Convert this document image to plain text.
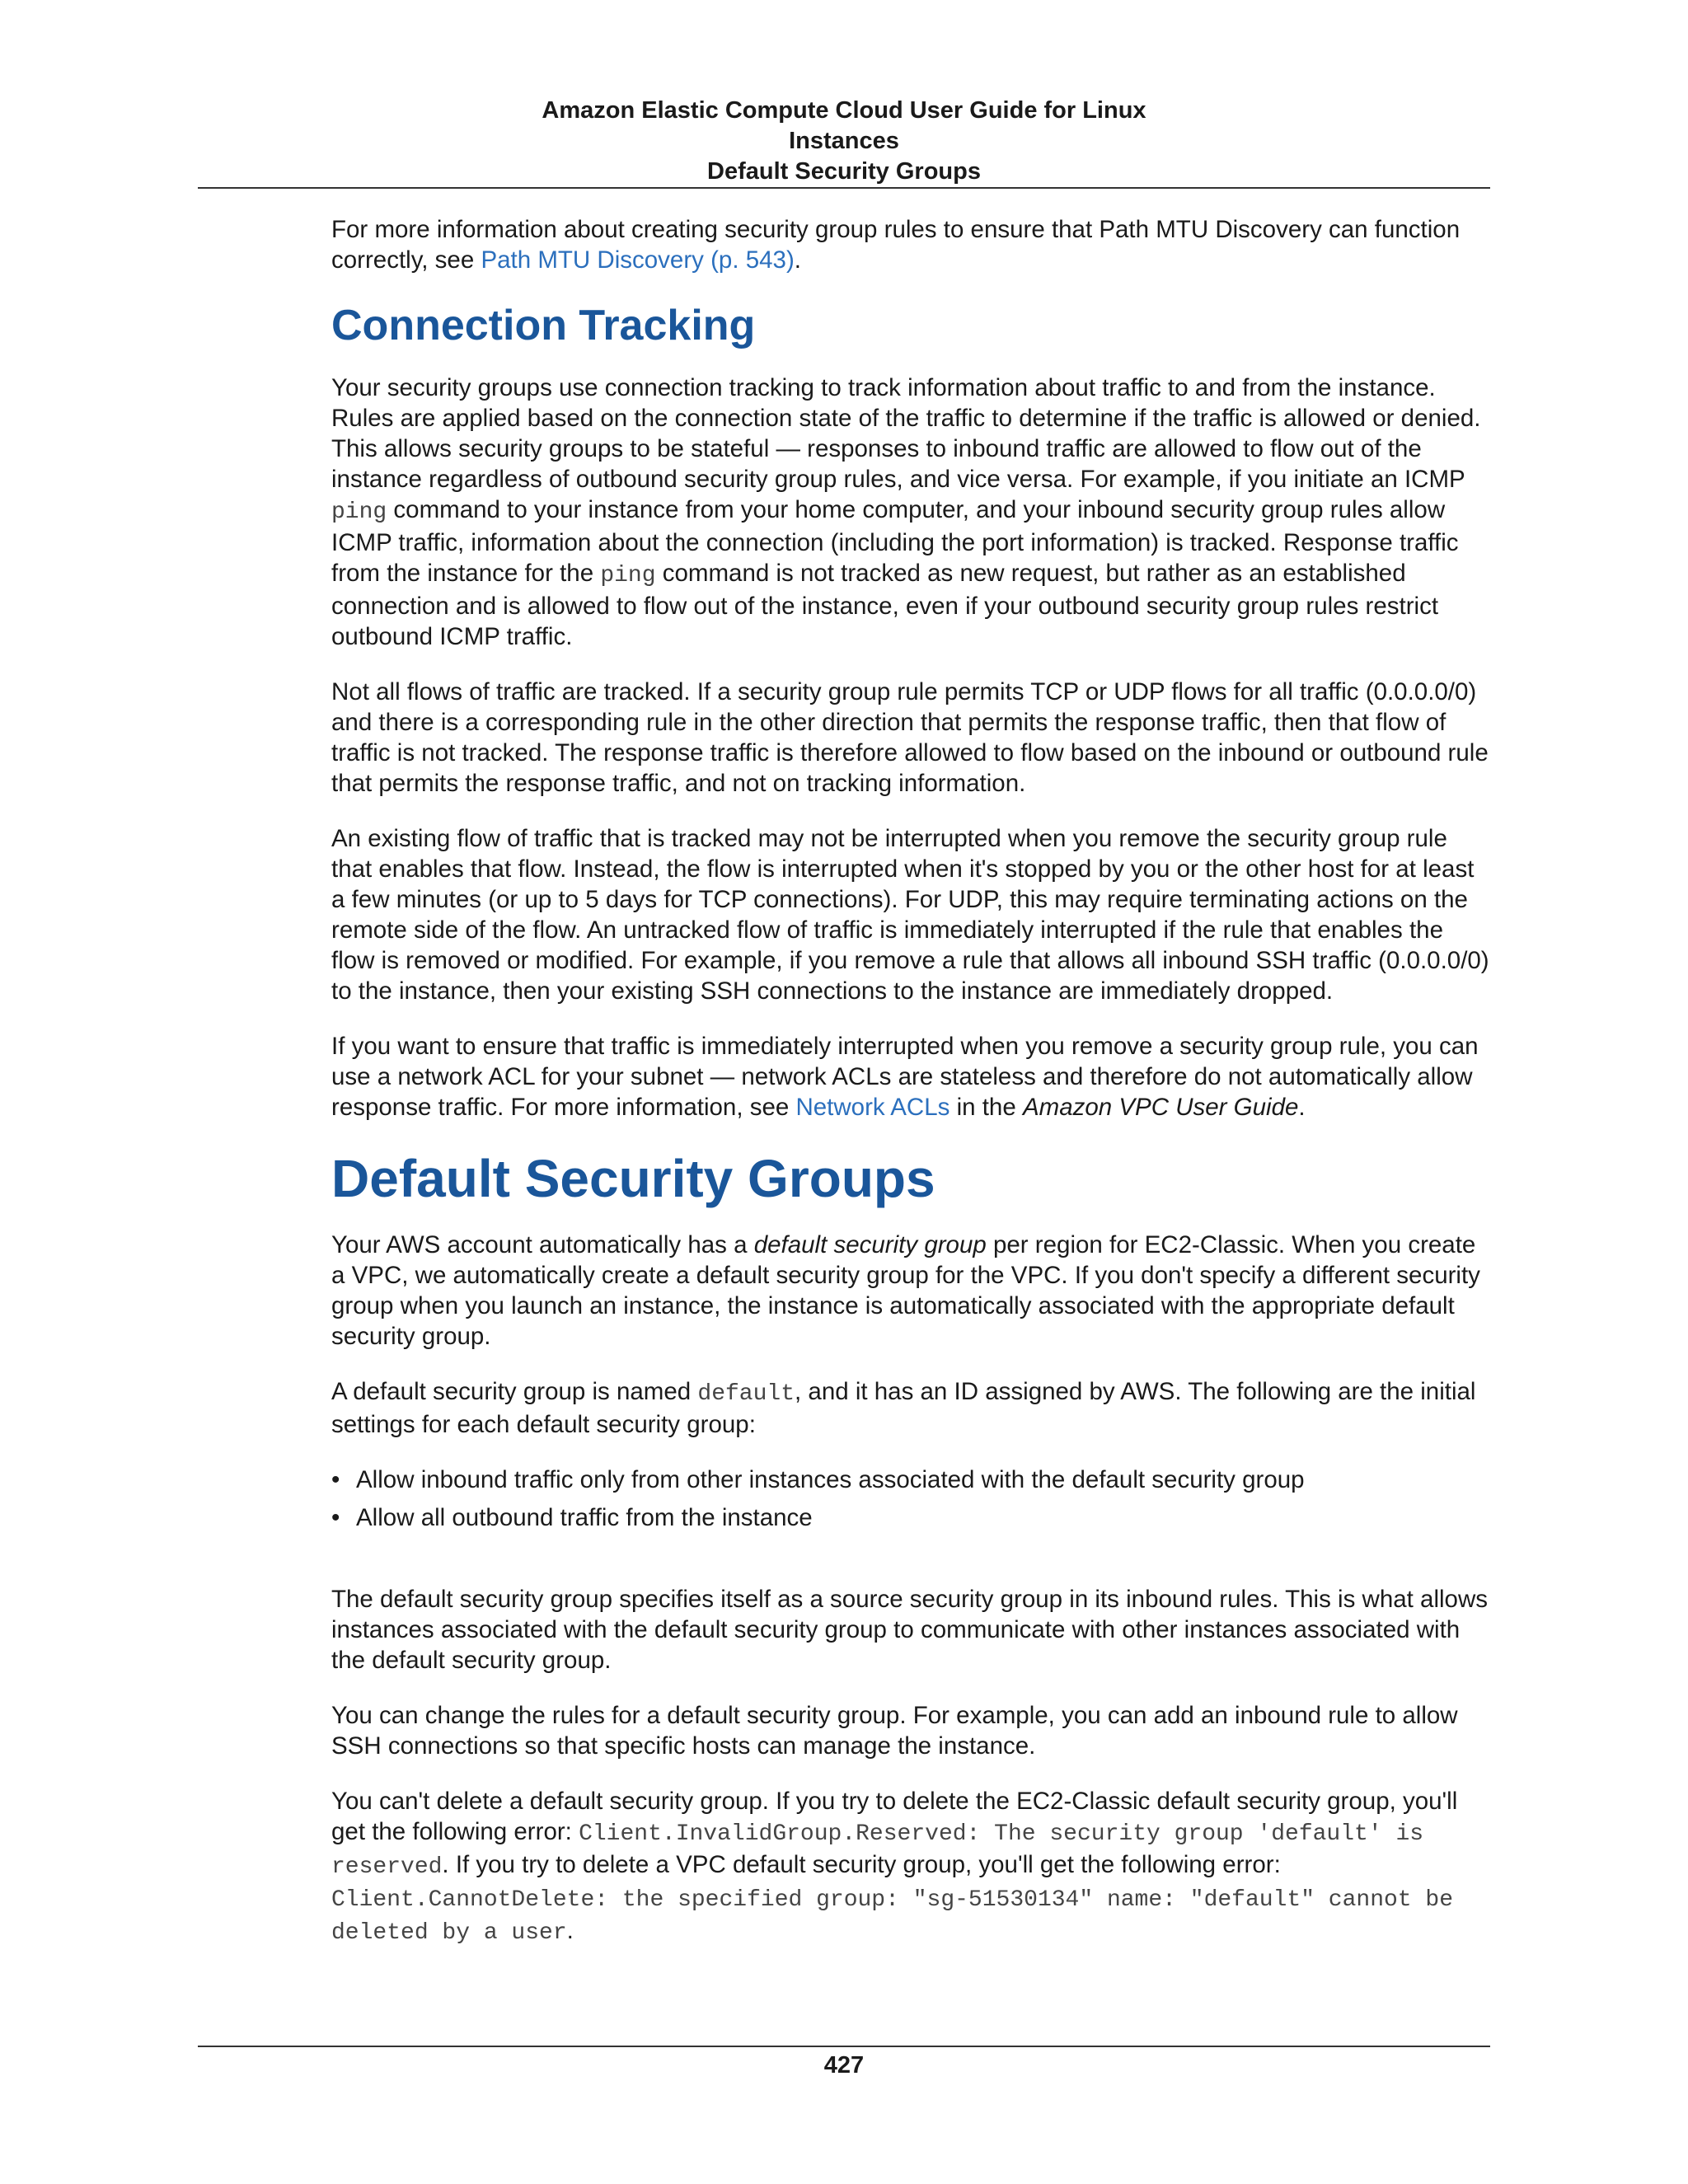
Amazon Elastic Compute Cloud User Guide for Linux
Instances
Default Security Groups

For more information about creating security group rules to ensure that Path MTU Discovery can function correctly, see Path MTU Discovery (p. 543).

Connection Tracking

Your security groups use connection tracking to track information about traffic to and from the instance. Rules are applied based on the connection state of the traffic to determine if the traffic is allowed or denied. This allows security groups to be stateful — responses to inbound traffic are allowed to flow out of the instance regardless of outbound security group rules, and vice versa. For example, if you initiate an ICMP ping command to your instance from your home computer, and your inbound security group rules allow ICMP traffic, information about the connection (including the port information) is tracked. Response traffic from the instance for the ping command is not tracked as new request, but rather as an established connection and is allowed to flow out of the instance, even if your outbound security group rules restrict outbound ICMP traffic.

Not all flows of traffic are tracked. If a security group rule permits TCP or UDP flows for all traffic (0.0.0.0/0) and there is a corresponding rule in the other direction that permits the response traffic, then that flow of traffic is not tracked. The response traffic is therefore allowed to flow based on the inbound or outbound rule that permits the response traffic, and not on tracking information.

An existing flow of traffic that is tracked may not be interrupted when you remove the security group rule that enables that flow. Instead, the flow is interrupted when it's stopped by you or the other host for at least a few minutes (or up to 5 days for TCP connections). For UDP, this may require terminating actions on the remote side of the flow. An untracked flow of traffic is immediately interrupted if the rule that enables the flow is removed or modified. For example, if you remove a rule that allows all inbound SSH traffic (0.0.0.0/0) to the instance, then your existing SSH connections to the instance are immediately dropped.

If you want to ensure that traffic is immediately interrupted when you remove a security group rule, you can use a network ACL for your subnet — network ACLs are stateless and therefore do not automatically allow response traffic. For more information, see Network ACLs in the Amazon VPC User Guide.

Default Security Groups

Your AWS account automatically has a default security group per region for EC2-Classic. When you create a VPC, we automatically create a default security group for the VPC. If you don't specify a different security group when you launch an instance, the instance is automatically associated with the appropriate default security group.

A default security group is named default, and it has an ID assigned by AWS. The following are the initial settings for each default security group:

• Allow inbound traffic only from other instances associated with the default security group
• Allow all outbound traffic from the instance

The default security group specifies itself as a source security group in its inbound rules. This is what allows instances associated with the default security group to communicate with other instances associated with the default security group.

You can change the rules for a default security group. For example, you can add an inbound rule to allow SSH connections so that specific hosts can manage the instance.

You can't delete a default security group. If you try to delete the EC2-Classic default security group, you'll get the following error: Client.InvalidGroup.Reserved: The security group 'default' is reserved. If you try to delete a VPC default security group, you'll get the following error: Client.CannotDelete: the specified group: "sg-51530134" name: "default" cannot be deleted by a user.

427
